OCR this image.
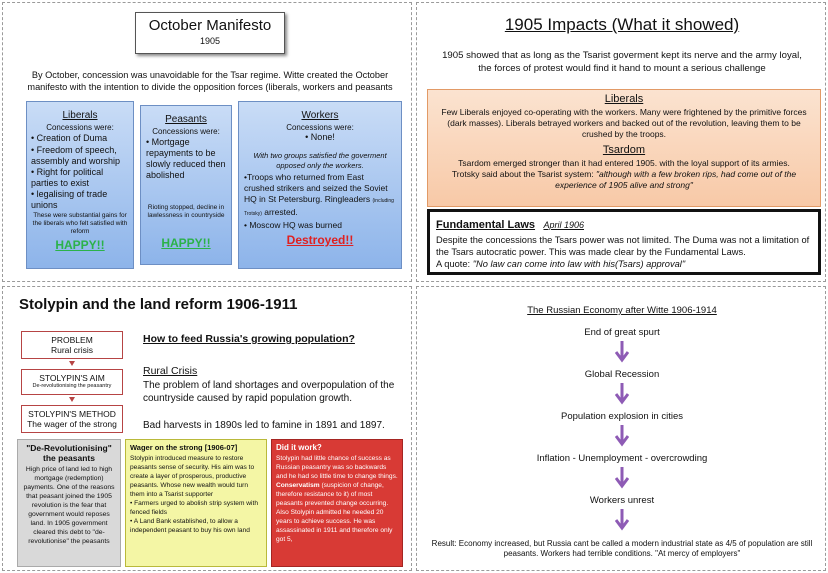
October Manifesto
1905
By October, concession was unavoidable for the Tsar regime. Witte created the October manifesto with the intention to divide the opposition forces (liberals, workers and peasants
Liberals
Concessions were:
• Creation of Duma
• Freedom of speech, assembly and worship
• Right for political parties to exist
• legalising of trade unions
These were substantial gains for the liberals who felt satisfied with reform
HAPPY!!
Peasants
Concessions were:
• Mortgage repayments to be slowly reduced then abolished
Rioting stopped, decline in lawlessness in countryside
HAPPY!!
Workers
Concessions were:
• None!
With two groups satisfied the goverment opposed only the workers.
•Troops who returned from East crushed strikers and seized the Soviet HQ in St Petersburg. Ringleaders (including Trotsky) arrested.
• Moscow HQ was burned
Destroyed!!
1905 Impacts (What it showed)
1905 showed that as long as the Tsarist goverment kept its nerve and the army loyal, the forces of protest would find it hand to mount a serious challenge
Liberals
Few Liberals enjoyed co-operating with the workers. Many were frightened by the primitive forces (dark masses). Liberals betrayed workers and backed out of the revolution, leaving them to be crushed by the troops.
Tsardom
Tsardom emerged stronger than it had entered 1905. with the loyal support of its armies.
Trotsky said about the Tsarist system: "although with a few broken rips, had come out of the experience of 1905 alive and strong"
Fundamental Laws April 1906
Despite the concessions the Tsars power was not limited. The Duma was not a limitation of the Tsars autocratic power. This was made clear by the Fundamental Laws.
A quote: "No law can come into law with his(Tsars) approval"
Stolypin and the land reform 1906-1911
PROBLEM
Rural crisis
STOLYPIN'S AIM
De-revolutionising the peasantry
STOLYPIN'S METHOD
The wager of the strong
How to feed Russia's growing population?
Rural Crisis
The problem of land shortages and overpopulation of the countryside caused by rapid population growth.
Bad harvests in 1890s led to famine in 1891 and 1897.
"De-Revolutionising" the peasants
High price of land led to high mortgage (redemption) payments. One of the reasons that peasant joined the 1905 revolution is the fear that government would reposes land. In 1905 government cleared this debt to "de-revolutionise" the peasants
Wager on the strong [1906-07]
Stolypin introduced measure to restore peasants sense of security. His aim was to create a layer of prosperous, productive peasants. Whose new wealth would turn them into a Tsarist supporter
• Farmers urged to abolish strip system with fenced fields
• A Land Bank established, to allow a independent peasant to buy his own land
Did it work?
Stolypin had little chance of success as Russian peasantry was so backwards and he had so little time to change things. Conservatism (suspicion of change, therefore resistance to it) of most peasants prevented change occurring. Also Stolypin admitted he needed 20 years to achieve success. He was assassinated in 1911 and therefore only got 5,
The Russian Economy after Witte 1906-1914
End of great spurt
Global Recession
Population explosion in cities
Inflation - Unemployment - overcrowding
Workers unrest
Result: Economy increased, but Russia cant be called a modern industrial state as 4/5 of population are still peasants. Workers had terrible conditions. "At mercy of employers"
